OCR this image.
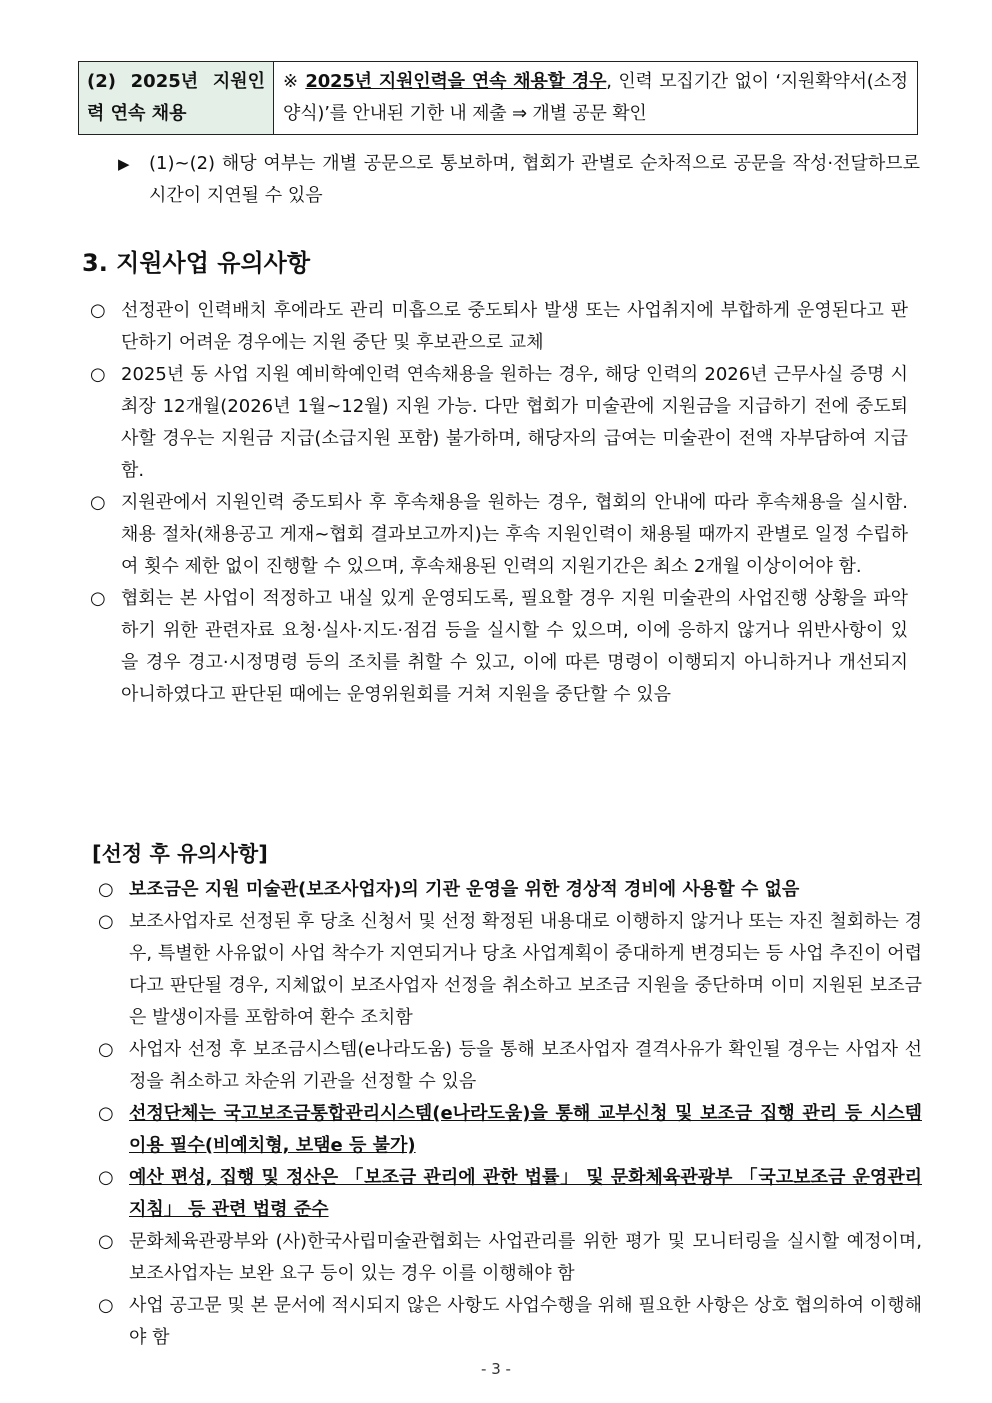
(2) 2025년 지원인력 연속 채용	※ 2025년 지원인력을 연속 채용할 경우, 인력 모집기간 없이 ‘지원확약서(소정양식)’를 안내된 기한 내 제출 ⇒ 개별 공문 확인
▶ (1)~(2) 해당 여부는 개별 공문으로 통보하며, 협회가 관별로 순차적으로 공문을 작성·전달하므로 시간이 지연될 수 있음
3. 지원사업 유의사항
○ 선정관이 인력배치 후에라도 관리 미흡으로 중도퇴사 발생 또는 사업취지에 부합하게 운영된다고 판단하기 어려운 경우에는 지원 중단 및 후보관으로 교체
○ 2025년 동 사업 지원 예비학예인력 연속채용을 원하는 경우, 해당 인력의 2026년 근무사실 증명 시 최장 12개월(2026년 1월~12월) 지원 가능. 다만 협회가 미술관에 지원금을 지급하기 전에 중도퇴사할 경우는 지원금 지급(소급지원 포함) 불가하며, 해당자의 급여는 미술관이 전액 자부담하여 지급함.
○ 지원관에서 지원인력 중도퇴사 후 후속채용을 원하는 경우, 협회의 안내에 따라 후속채용을 실시함. 채용 절차(채용공고 게재~협회 결과보고까지)는 후속 지원인력이 채용될 때까지 관별로 일정 수립하여 횟수 제한 없이 진행할 수 있으며, 후속채용된 인력의 지원기간은 최소 2개월 이상이어야 함.
○ 협회는 본 사업이 적정하고 내실 있게 운영되도록, 필요할 경우 지원 미술관의 사업진행 상황을 파악하기 위한 관련자료 요청·실사·지도·점검 등을 실시할 수 있으며, 이에 응하지 않거나 위반사항이 있을 경우 경고·시정명령 등의 조치를 취할 수 있고, 이에 따른 명령이 이행되지 아니하거나 개선되지 아니하였다고 판단된 때에는 운영위원회를 거쳐 지원을 중단할 수 있음
[선정 후 유의사항]
○ 보조금은 지원 미술관(보조사업자)의 기관 운영을 위한 경상적 경비에 사용할 수 없음
○ 보조사업자로 선정된 후 당초 신청서 및 선정 확정된 내용대로 이행하지 않거나 또는 자진 철회하는 경우, 특별한 사유없이 사업 착수가 지연되거나 당초 사업계획이 중대하게 변경되는 등 사업 추진이 어렵다고 판단될 경우, 지체없이 보조사업자 선정을 취소하고 보조금 지원을 중단하며 이미 지원된 보조금은 발생이자를 포함하여 환수 조치함
○ 사업자 선정 후 보조금시스템(e나라도움) 등을 통해 보조사업자 결격사유가 확인될 경우는 사업자 선정을 취소하고 차순위 기관을 선정할 수 있음
○ 선정단체는 국고보조금통합관리시스템(e나라도움)을 통해 교부신청 및 보조금 집행 관리 등 시스템 이용 필수(비예치형, 보탬e 등 불가)
○ 예산 편성, 집행 및 정산은 「보조금 관리에 관한 법률」 및 문화체육관광부 「국고보조금 운영관리 지침」 등 관련 법령 준수
○ 문화체육관광부와 (사)한국사립미술관협회는 사업관리를 위한 평가 및 모니터링을 실시할 예정이며, 보조사업자는 보완 요구 등이 있는 경우 이를 이행해야 함
○ 사업 공고문 및 본 문서에 적시되지 않은 사항도 사업수행을 위해 필요한 사항은 상호 협의하여 이행해야 함
- 3 -
